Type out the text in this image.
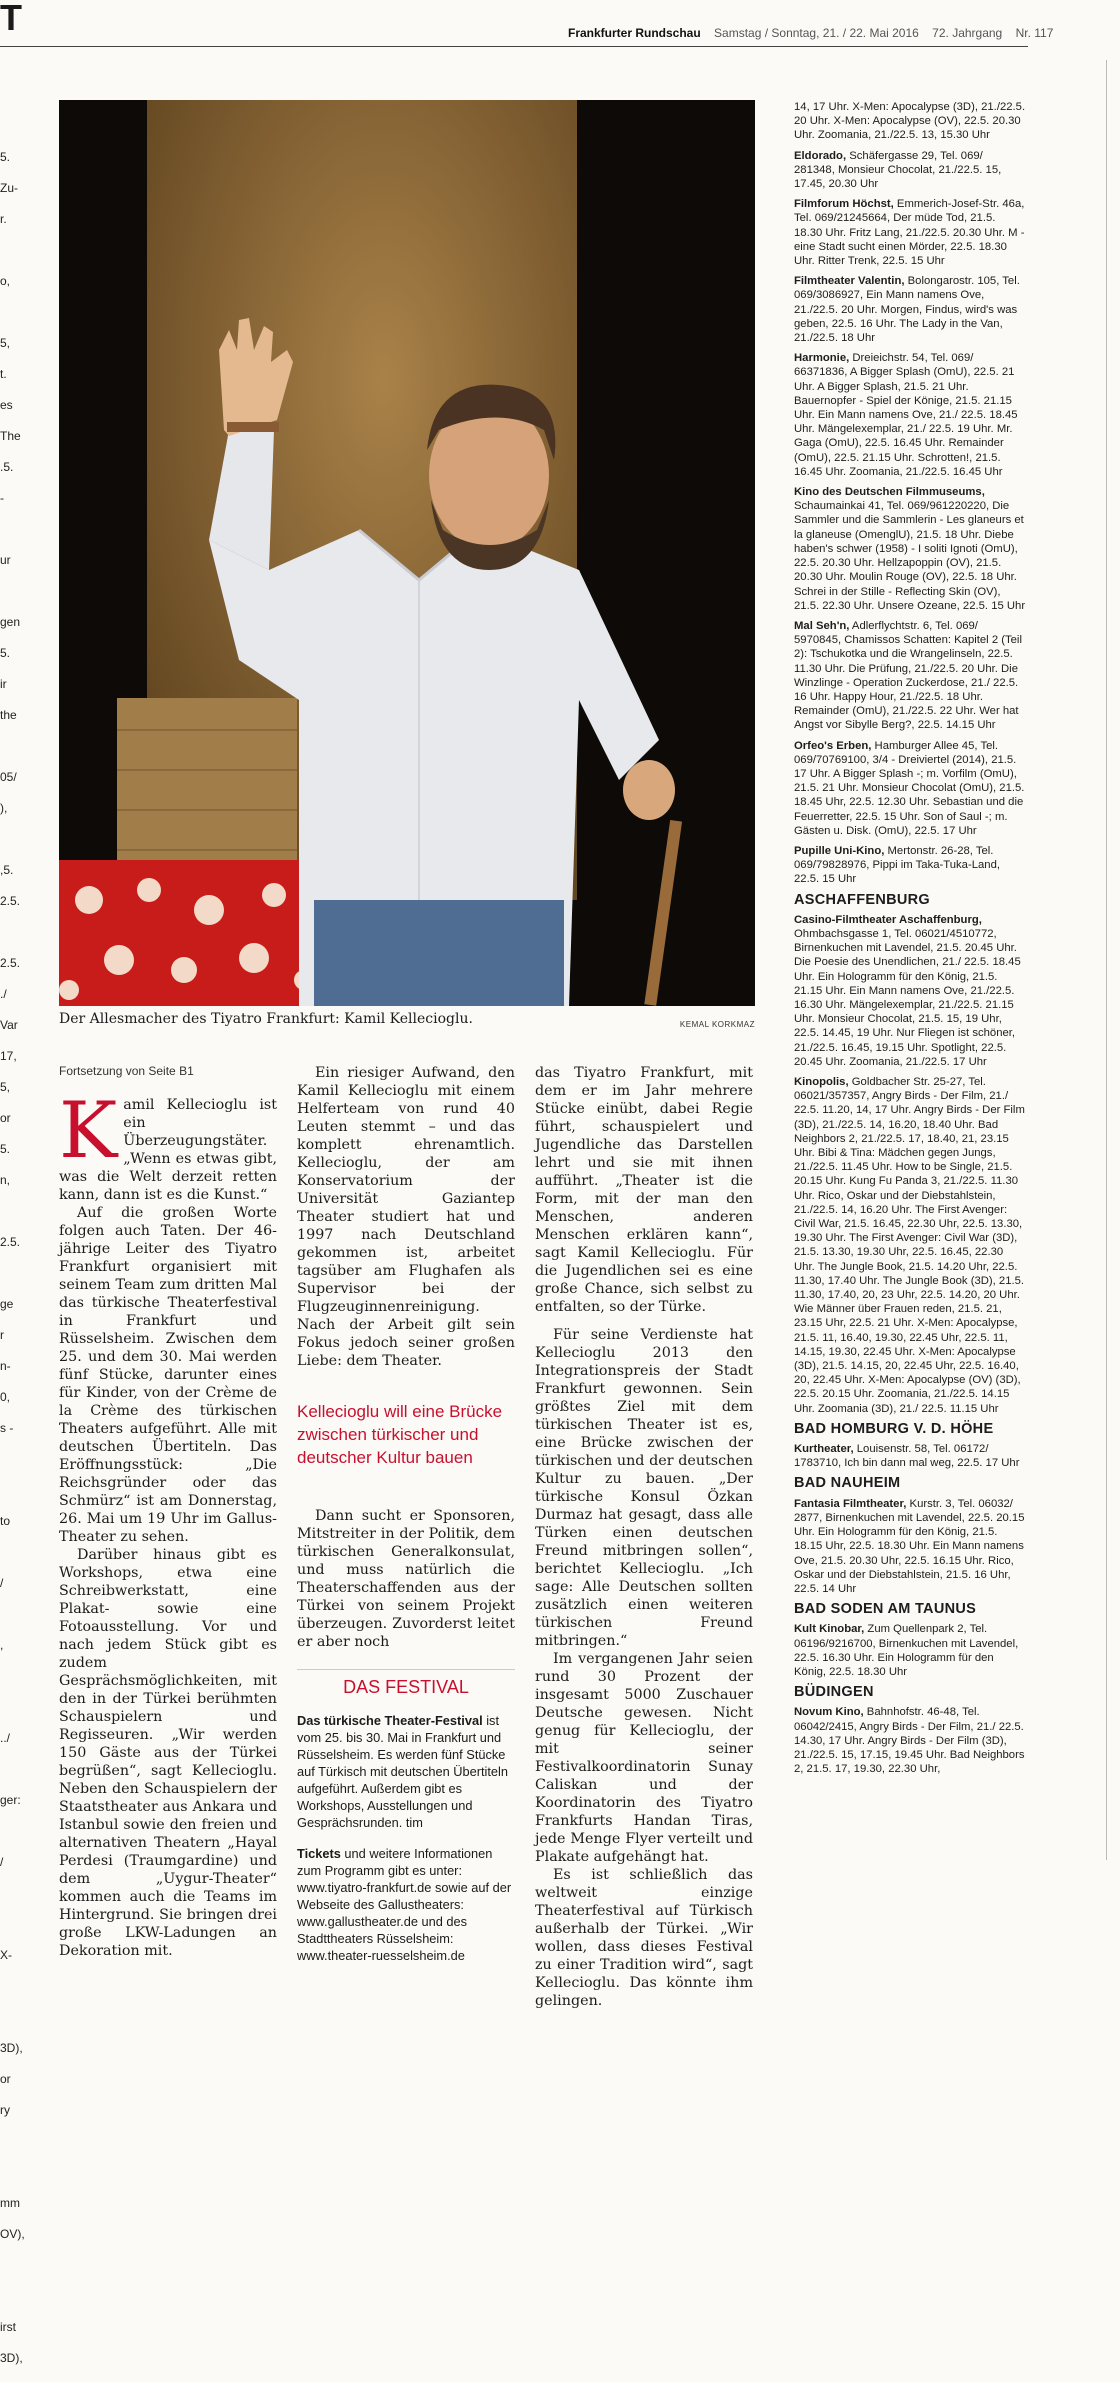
T	Frankfurter Rundschau Samstag / Sonntag, 21. / 22. Mai 2016 72. Jahrgang Nr. 117
5.
Zu-
r.
o,
5,
t.
es
The
.5.
-
ur
gen
5.
ir
the
05/
),
,5.
2.5.
2.5.
./
Var
17,
5,
or
5.
n,
2.5.
ge
r
n-
0,
s -
to
/
,
../
ger:
/
X-
3D),
or
ry
mm
OV),
irst
3D),
Der Allesmacher des Tiyatro Frankfurt: Kamil Kellecioglu.	KEMAL KORKMAZ
Fortsetzung von Seite B1

Kamil Kellecioglu ist ein Überzeugungstäter. „Wenn es etwas gibt, was die Welt derzeit retten kann, dann ist es die Kunst.“

Auf die großen Worte folgen auch Taten. Der 46-jährige Leiter des Tiyatro Frankfurt organisiert mit seinem Team zum dritten Mal das türkische Theaterfestival in Frankfurt und Rüsselsheim. Zwischen dem 25. und dem 30. Mai werden fünf Stücke, darunter eines für Kinder, von der Crème de la Crème des türkischen Theaters aufgeführt. Alle mit deutschen Übertiteln. Das Eröffnungsstück: „Die Reichsgründer oder das Schmürz“ ist am Donnerstag, 26. Mai um 19 Uhr im Gallus-Theater zu sehen.

Darüber hinaus gibt es Workshops, etwa eine Schreibwerkstatt, eine Plakat- sowie eine Fotoausstellung. Vor und nach jedem Stück gibt es zudem Gesprächsmöglichkeiten, mit den in der Türkei berühmten Schauspielern und Regisseuren. „Wir werden 150 Gäste aus der Türkei begrüßen“, sagt Kellecioglu. Neben den Schauspielern der Staatstheater aus Ankara und Istanbul sowie den freien und alternativen Theatern „Hayal Perdesi (Traumgardine) und dem „Uygur-Theater“ kommen auch die Teams im Hintergrund. Sie bringen drei große LKW-Ladungen an Dekoration mit.

Ein riesiger Aufwand, den Kamil Kellecioglu mit einem Helferteam von rund 40 Leuten stemmt – und das komplett ehrenamtlich. Kellecioglu, der am Konservatorium der Universität Gaziantep Theater studiert hat und 1997 nach Deutschland gekommen ist, arbeitet tagsüber am Flughafen als Supervisor bei der Flugzeuginnenreinigung. Nach der Arbeit gilt sein Fokus jedoch seiner großen Liebe: dem Theater.

Kellecioglu will eine Brücke zwischen türkischer und deutscher Kultur bauen

Dann sucht er Sponsoren, Mitstreiter in der Politik, dem türkischen Generalkonsulat, und muss natürlich die Theaterschaffenden aus der Türkei von seinem Projekt überzeugen. Zuvorderst leitet er aber noch

DAS FESTIVAL

Das türkische Theater-Festival ist vom 25. bis 30. Mai in Frankfurt und Rüsselsheim. Es werden fünf Stücke auf Türkisch mit deutschen Übertiteln aufgeführt. Außerdem gibt es Workshops, Ausstellungen und Gesprächsrunden. tim

Tickets und weitere Informationen zum Programm gibt es unter: www.tiyatro-frankfurt.de sowie auf der Webseite des Gallustheaters: www.gallustheater.de und des Stadttheaters Rüsselsheim: www.theater-ruesselsheim.de

das Tiyatro Frankfurt, mit dem er im Jahr mehrere Stücke einübt, dabei Regie führt, schauspielert und Jugendliche das Darstellen lehrt und sie mit ihnen aufführt. „Theater ist die Form, mit der man den Menschen, anderen Menschen erklären kann“, sagt Kamil Kellecioglu. Für die Jugendlichen sei es eine große Chance, sich selbst zu entfalten, so der Türke.

Für seine Verdienste hat Kellecioglu 2013 den Integrationspreis der Stadt Frankfurt gewonnen. Sein größtes Ziel mit dem türkischen Theater ist es, eine Brücke zwischen der türkischen und der deutschen Kultur zu bauen. „Der türkische Konsul Özkan Durmaz hat gesagt, dass alle Türken einen deutschen Freund mitbringen sollen“, berichtet Kellecioglu. „Ich sage: Alle Deutschen sollten zusätzlich einen weiteren türkischen Freund mitbringen.“

Im vergangenen Jahr seien rund 30 Prozent der insgesamt 5000 Zuschauer Deutsche gewesen. Nicht genug für Kellecioglu, der mit seiner Festivalkoordinatorin Sunay Caliskan und der Koordinatorin des Tiyatro Frankfurts Handan Tiras, jede Menge Flyer verteilt und Plakate aufgehängt hat.

Es ist schließlich das weltweit einzige Theaterfestival auf Türkisch außerhalb der Türkei. „Wir wollen, dass dieses Festival zu einer Tradition wird“, sagt Kellecioglu. Das könnte ihm gelingen.

14, 17 Uhr. X-Men: Apocalypse (3D), 21./22.5. 20 Uhr. X-Men: Apocalypse (OV), 22.5. 20.30 Uhr. Zoomania, 21./22.5. 13, 15.30 Uhr
Eldorado, Schäfergasse 29, Tel. 069/ 281348, Monsieur Chocolat, 21./22.5. 15, 17.45, 20.30 Uhr
Filmforum Höchst, Emmerich-Josef-Str. 46a, Tel. 069/21245664, Der müde Tod, 21.5. 18.30 Uhr. Fritz Lang, 21./22.5. 20.30 Uhr. M - eine Stadt sucht einen Mörder, 22.5. 18.30 Uhr. Ritter Trenk, 22.5. 15 Uhr
Filmtheater Valentin, Bolongarostr. 105, Tel. 069/3086927, Ein Mann namens Ove, 21./22.5. 20 Uhr. Morgen, Findus, wird's was geben, 22.5. 16 Uhr. The Lady in the Van, 21./22.5. 18 Uhr
Harmonie, Dreieichstr. 54, Tel. 069/ 66371836, A Bigger Splash (OmU), 22.5. 21 Uhr. A Bigger Splash, 21.5. 21 Uhr. Bauernopfer - Spiel der Könige, 21.5. 21.15 Uhr. Ein Mann namens Ove, 21./ 22.5. 18.45 Uhr. Mängelexemplar, 21./ 22.5. 19 Uhr. Mr. Gaga (OmU), 22.5. 16.45 Uhr. Remainder (OmU), 22.5. 21.15 Uhr. Schrotten!, 21.5. 16.45 Uhr. Zoomania, 21./22.5. 16.45 Uhr
Kino des Deutschen Filmmuseums, Schaumainkai 41, Tel. 069/961220220, Die Sammler und die Sammlerin - Les glaneurs et la glaneuse (OmenglU), 21.5. 18 Uhr. Diebe haben's schwer (1958) - I soliti Ignoti (OmU), 22.5. 20.30 Uhr. Hellzapoppin (OV), 21.5. 20.30 Uhr. Moulin Rouge (OV), 22.5. 18 Uhr. Schrei in der Stille - Reflecting Skin (OV), 21.5. 22.30 Uhr. Unsere Ozeane, 22.5. 15 Uhr
Mal Seh'n, Adlerflychtstr. 6, Tel. 069/ 5970845, Chamissos Schatten: Kapitel 2 (Teil 2): Tschukotka und die Wrangelinseln, 22.5. 11.30 Uhr. Die Prüfung, 21./22.5. 20 Uhr. Die Winzlinge - Operation Zuckerdose, 21./ 22.5. 16 Uhr. Happy Hour, 21./22.5. 18 Uhr. Remainder (OmU), 21./22.5. 22 Uhr. Wer hat Angst vor Sibylle Berg?, 22.5. 14.15 Uhr
Orfeo's Erben, Hamburger Allee 45, Tel. 069/70769100, 3/4 - Dreiviertel (2014), 21.5. 17 Uhr. A Bigger Splash -; m. Vorfilm (OmU), 21.5. 21 Uhr. Monsieur Chocolat (OmU), 21.5. 18.45 Uhr, 22.5. 12.30 Uhr. Sebastian und die Feuerretter, 22.5. 15 Uhr. Son of Saul -; m. Gästen u. Disk. (OmU), 22.5. 17 Uhr
Pupille Uni-Kino, Mertonstr. 26-28, Tel. 069/79828976, Pippi im Taka-Tuka-Land, 22.5. 15 Uhr
ASCHAFFENBURG
Casino-Filmtheater Aschaffenburg, Ohmbachsgasse 1, Tel. 06021/4510772, Birnenkuchen mit Lavendel, 21.5. 20.45 Uhr. Die Poesie des Unendlichen, 21./ 22.5. 18.45 Uhr. Ein Hologramm für den König, 21.5. 21.15 Uhr. Ein Mann namens Ove, 21./22.5. 16.30 Uhr. Mängelexemplar, 21./22.5. 21.15 Uhr. Monsieur Chocolat, 21.5. 15, 19 Uhr, 22.5. 14.45, 19 Uhr. Nur Fliegen ist schöner, 21./22.5. 16.45, 19.15 Uhr. Spotlight, 22.5. 20.45 Uhr. Zoomania, 21./22.5. 17 Uhr
Kinopolis, Goldbacher Str. 25-27, Tel. 06021/357357, Angry Birds - Der Film, 21./ 22.5. 11.20, 14, 17 Uhr. Angry Birds - Der Film (3D), 21./22.5. 14, 16.20, 18.40 Uhr. Bad Neighbors 2, 21./22.5. 17, 18.40, 21, 23.15 Uhr. Bibi & Tina: Mädchen gegen Jungs, 21./22.5. 11.45 Uhr. How to be Single, 21.5. 20.15 Uhr. Kung Fu Panda 3, 21./22.5. 11.30 Uhr. Rico, Oskar und der Diebstahlstein, 21./22.5. 14, 16.20 Uhr. The First Avenger: Civil War, 21.5. 16.45, 22.30 Uhr, 22.5. 13.30, 19.30 Uhr. The First Avenger: Civil War (3D), 21.5. 13.30, 19.30 Uhr, 22.5. 16.45, 22.30 Uhr. The Jungle Book, 21.5. 14.20 Uhr, 22.5. 11.30, 17.40 Uhr. The Jungle Book (3D), 21.5. 11.30, 17.40, 20, 23 Uhr, 22.5. 14.20, 20 Uhr. Wie Männer über Frauen reden, 21.5. 21, 23.15 Uhr, 22.5. 21 Uhr. X-Men: Apocalypse, 21.5. 11, 16.40, 19.30, 22.45 Uhr, 22.5. 11, 14.15, 19.30, 22.45 Uhr. X-Men: Apocalypse (3D), 21.5. 14.15, 20, 22.45 Uhr, 22.5. 16.40, 20, 22.45 Uhr. X-Men: Apocalypse (OV) (3D), 22.5. 20.15 Uhr. Zoomania, 21./22.5. 14.15 Uhr. Zoomania (3D), 21./ 22.5. 11.15 Uhr
BAD HOMBURG V. D. HÖHE
Kurtheater, Louisenstr. 58, Tel. 06172/ 1783710, Ich bin dann mal weg, 22.5. 17 Uhr
BAD NAUHEIM
Fantasia Filmtheater, Kurstr. 3, Tel. 06032/ 2877, Birnenkuchen mit Lavendel, 22.5. 20.15 Uhr. Ein Hologramm für den König, 21.5. 18.15 Uhr, 22.5. 18.30 Uhr. Ein Mann namens Ove, 21.5. 20.30 Uhr, 22.5. 16.15 Uhr. Rico, Oskar und der Diebstahlstein, 21.5. 16 Uhr, 22.5. 14 Uhr
BAD SODEN AM TAUNUS
Kult Kinobar, Zum Quellenpark 2, Tel. 06196/9216700, Birnenkuchen mit Lavendel, 22.5. 16.30 Uhr. Ein Hologramm für den König, 22.5. 18.30 Uhr
BÜDINGEN
Novum Kino, Bahnhofstr. 46-48, Tel. 06042/2415, Angry Birds - Der Film, 21./ 22.5. 14.30, 17 Uhr. Angry Birds - Der Film (3D), 21./22.5. 15, 17.15, 19.45 Uhr. Bad Neighbors 2, 21.5. 17, 19.30, 22.30 Uhr,
